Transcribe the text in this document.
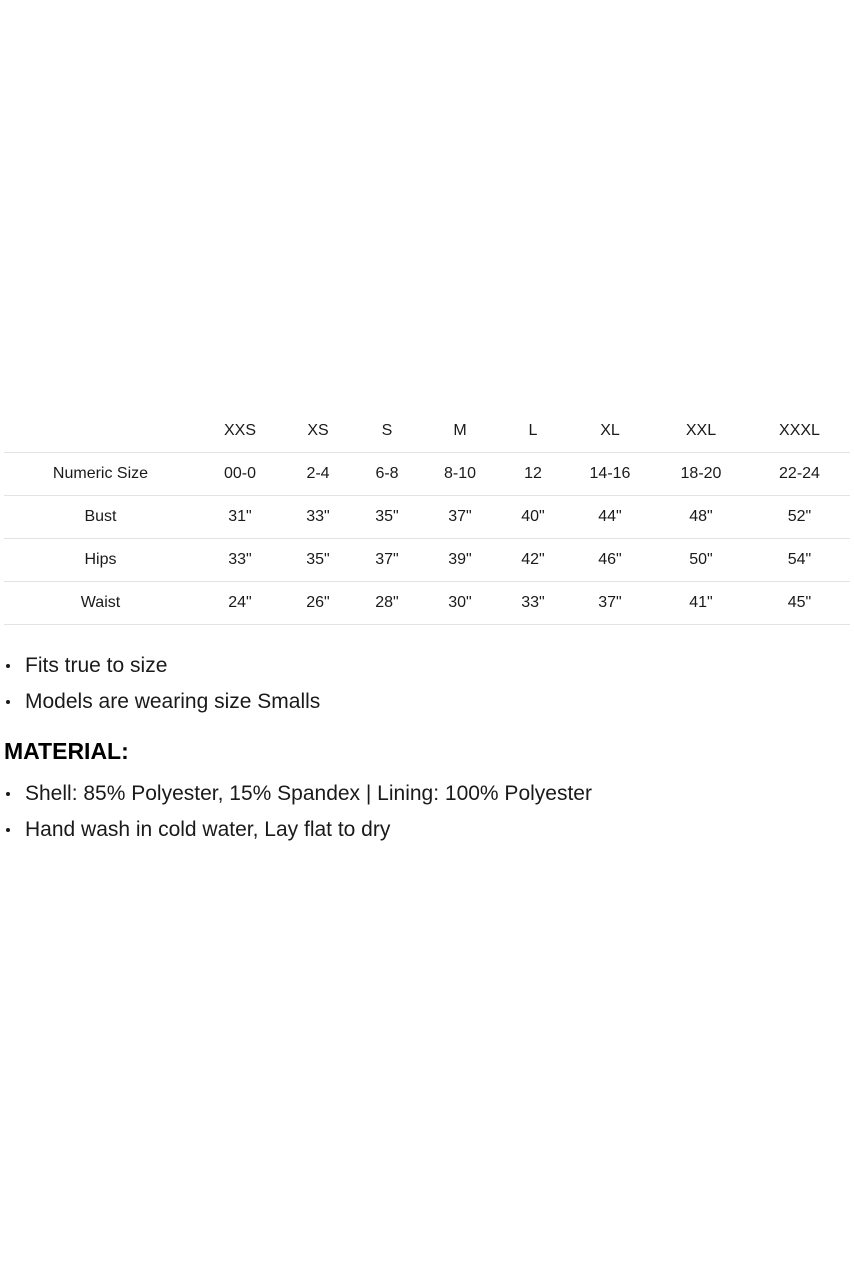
	XXS	XS	S	M	L	XL	XXL	XXXL
Numeric Size	00-0	2-4	6-8	8-10	12	14-16	18-20	22-24
Bust	31"	33"	35"	37"	40"	44"	48"	52"
Hips	33"	35"	37"	39"	42"	46"	50"	54"
Waist	24"	26"	28"	30"	33"	37"	41"	45"
Fits true to size
Models are wearing size Smalls
MATERIAL:
Shell: 85% Polyester, 15% Spandex | Lining: 100% Polyester
Hand wash in cold water, Lay flat to dry
